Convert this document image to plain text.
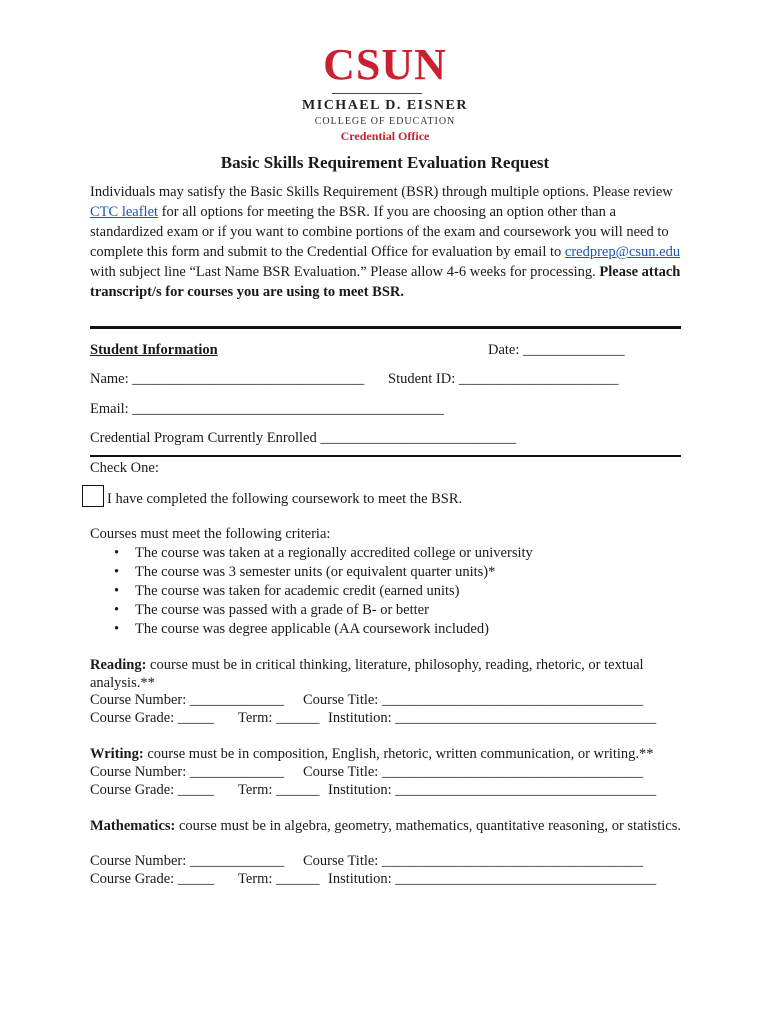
CSUN
MICHAEL D. EISNER
COLLEGE OF EDUCATION
Credential Office
Basic Skills Requirement Evaluation Request
Individuals may satisfy the Basic Skills Requirement (BSR) through multiple options. Please review CTC leaflet for all options for meeting the BSR. If you are choosing an option other than a standardized exam or if you want to combine portions of the exam and coursework you will need to complete this form and submit to the Credential Office for evaluation by email to credprep@csun.edu with subject line “Last Name BSR Evaluation.” Please allow 4-6 weeks for processing. Please attach transcript/s for courses you are using to meet BSR.
Student Information	Date: ______________
Name: ________________________________ Student ID: ______________________
Email: ___________________________________________
Credential Program Currently Enrolled ___________________________
Check One:
I have completed the following coursework to meet the BSR.
Courses must meet the following criteria:
• The course was taken at a regionally accredited college or university
• The course was 3 semester units (or equivalent quarter units)*
• The course was taken for academic credit (earned units)
• The course was passed with a grade of B- or better
• The course was degree applicable (AA coursework included)
Reading: course must be in critical thinking, literature, philosophy, reading, rhetoric, or textual analysis.**
Course Number: _____________ Course Title: ____________________________________
Course Grade: _____ Term: ______ Institution: ____________________________________
Writing: course must be in composition, English, rhetoric, written communication, or writing.**
Course Number: _____________ Course Title: ____________________________________
Course Grade: _____ Term: ______ Institution: ____________________________________
Mathematics: course must be in algebra, geometry, mathematics, quantitative reasoning, or statistics.
Course Number: _____________ Course Title: ____________________________________
Course Grade: _____ Term: ______ Institution: ____________________________________
